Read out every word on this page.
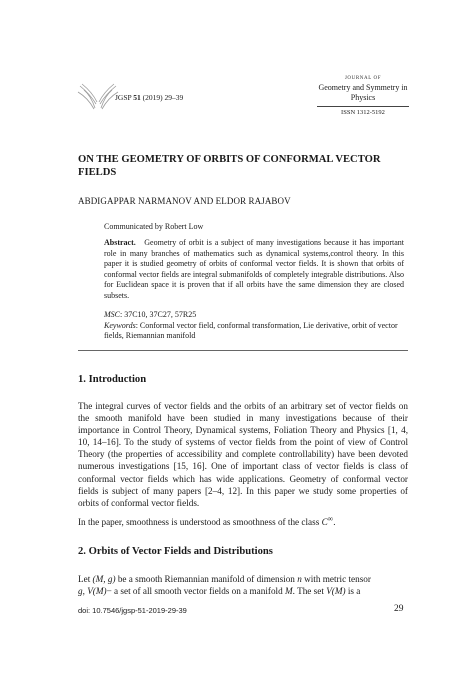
JGSP 51 (2019) 29–39
JOURNAL OF
Geometry and Symmetry in Physics
ISSN 1312-5192
ON THE GEOMETRY OF ORBITS OF CONFORMAL VECTOR FIELDS
ABDIGAPPAR NARMANOV AND ELDOR RAJABOV
Communicated by Robert Low
Abstract. Geometry of orbit is a subject of many investigations because it has important role in many branches of mathematics such as dynamical systems,control theory. In this paper it is studied geometry of orbits of conformal vector fields. It is shown that orbits of conformal vector fields are integral submanifolds of completely integrable distributions. Also for Euclidean space it is proven that if all orbits have the same dimension they are closed subsets.
MSC: 37C10, 37C27, 57R25
Keywords: Conformal vector field, conformal transformation, Lie derivative, orbit of vector fields, Riemannian manifold
1. Introduction
The integral curves of vector fields and the orbits of an arbitrary set of vector fields on the smooth manifold have been studied in many investigations because of their importance in Control Theory, Dynamical systems, Foliation Theory and Physics [1, 4, 10, 14–16]. To the study of systems of vector fields from the point of view of Control Theory (the properties of accessibility and complete controllability) have been devoted numerous investigations [15, 16]. One of important class of vector fields is class of conformal vector fields which has wide applications. Geometry of conformal vector fields is subject of many papers [2–4, 12]. In this paper we study some properties of orbits of conformal vector fields.
In the paper, smoothness is understood as smoothness of the class C∞.
2. Orbits of Vector Fields and Distributions
Let (M, g) be a smooth Riemannian manifold of dimension n with metric tensor
g, V(M)− a set of all smooth vector fields on a manifold M. The set V(M) is a
doi: 10.7546/jgsp-51-2019-29-39	29
